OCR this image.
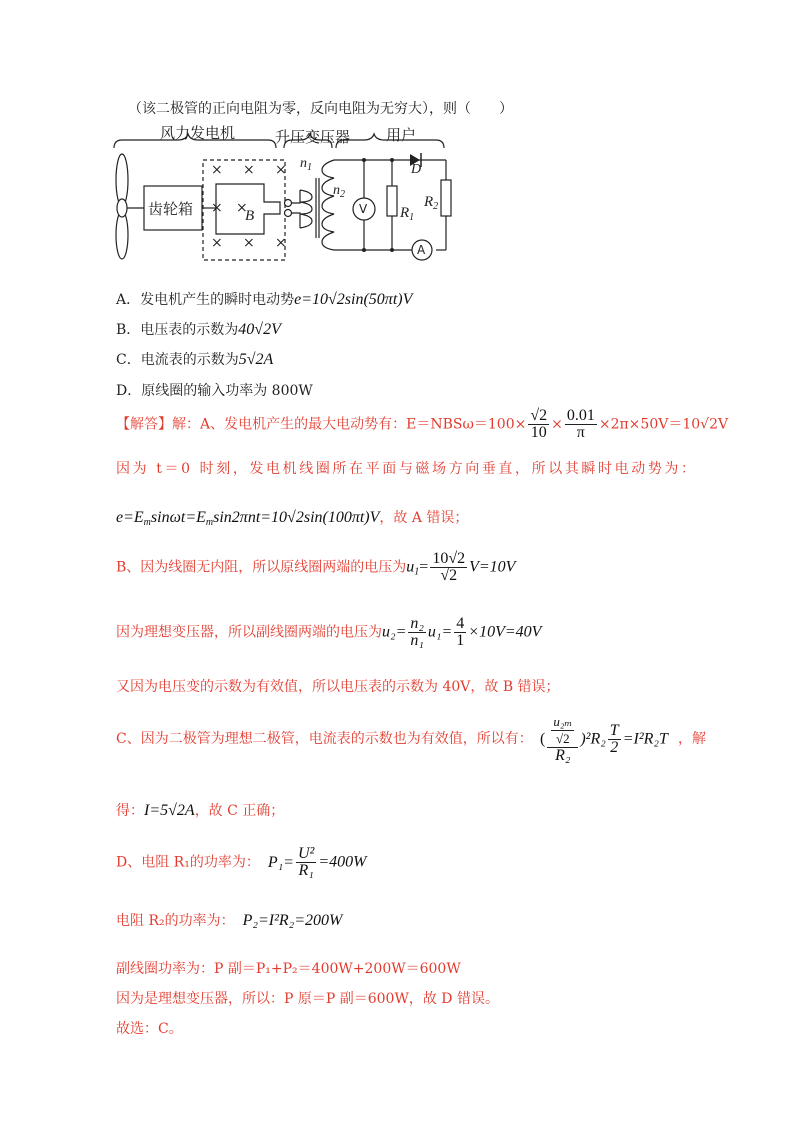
（该二极管的正向电阻为零，反向电阻为无穷大），则（　　）
风力发电机	升压变压器 用户
齿轮箱	B
$n_1$
$n_2$
V
A
$R_1$
$R_2$
D
× × ×
× ×
× × ×
A．发电机产生的瞬时电动势e=10√2sin(50πt)V
B．电压表的示数为40√2V
C．电流表的示数为5√2A
D．原线圈的输入功率为 800W
【解答】解：A、发电机产生的最大电动势有：$E=NBS\omega=100\times \frac{√2}{10} \times \frac{0.01}{\pi} \times 2\pi\times 50V=10√2V$
因为 t＝0 时刻，发电机线圈所在平面与磁场方向垂直，所以其瞬时电动势为：
$e=E_m\sin\omega t=E_m\sin 2\pi nt=10√2\sin(100\pi t)V$，故 A 错误；
B、因为线圈无内阻，所以原线圈两端的电压为$u_1= \frac{10√2}{√2} V=10V$
因为理想变压器，所以副线圈两端的电压为$u_2= \frac{\text{n₂}}{\text{n₁}} u_1= \frac{4}{1} \times 10V=40V$
又因为电压变的示数为有效值，所以电压表的示数为 40V，故 B 错误；
C、因为二极管为理想二极管，电流表的示数也为有效值，所以有： ( $\frac{\frac{\text{u₂ₘ}}{√2}}{\text{R₂}} )^2R_2 \frac{T}{2} =I^2R_2T$ ，解
得：I=5√2A，故 C 正确；
D、电阻 R₁的功率为： $P_1= \frac{\text{U²}}{\text{R₁}} =400W$
电阻 R₂的功率为： P₂=I²R₂=200W
副线圈功率为：P 副＝P₁+P₂＝400W+200W＝600W
因为是理想变压器，所以：P 原＝P 副＝600W，故 D 错误。
故选：C。
